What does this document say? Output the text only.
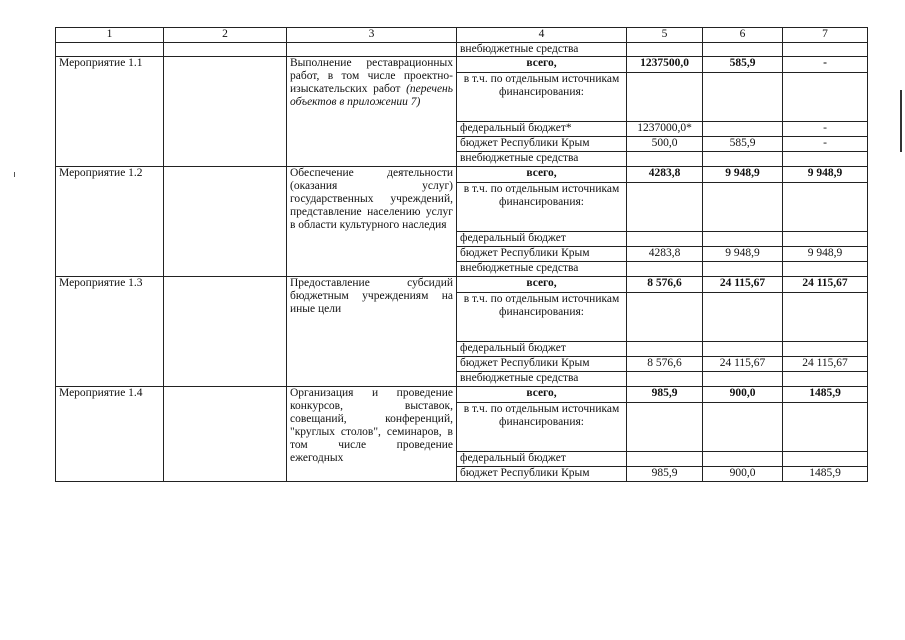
1	2	3	4	5	6	7
			внебюджетные средства			
Мероприятие 1.1		Выполнение реставрационных работ, в том числе проектно-изыскательских работ (перечень объектов в приложении 7)	всего,	1237500,0	585,9	-
			в т.ч. по отдельным источникам финансирования:			
			федеральный бюджет*	1237000,0*		-
			бюджет Республики Крым	500,0	585,9	-
			внебюджетные средства			
Мероприятие 1.2		Обеспечение деятельности (оказания услуг) государственных учреждений, представление населению услуг в области культурного наследия	всего,	4283,8	9 948,9	9 948,9
			в т.ч. по отдельным источникам финансирования:			
			федеральный бюджет			
			бюджет Республики Крым	4283,8	9 948,9	9 948,9
			внебюджетные средства			
Мероприятие 1.3		Предоставление субсидий бюджетным учреждениям на иные цели	всего,	8 576,6	24 115,67	24 115,67
			в т.ч. по отдельным источникам финансирования:			
			федеральный бюджет			
			бюджет Республики Крым	8 576,6	24 115,67	24 115,67
			внебюджетные средства			
Мероприятие 1.4		Организация и проведение конкурсов, выставок, совещаний, конференций, "круглых столов", семинаров, в том числе проведение ежегодных	всего,	985,9	900,0	1485,9
			в т.ч. по отдельным источникам финансирования:			
			федеральный бюджет			
			бюджет Республики Крым	985,9	900,0	1485,9
